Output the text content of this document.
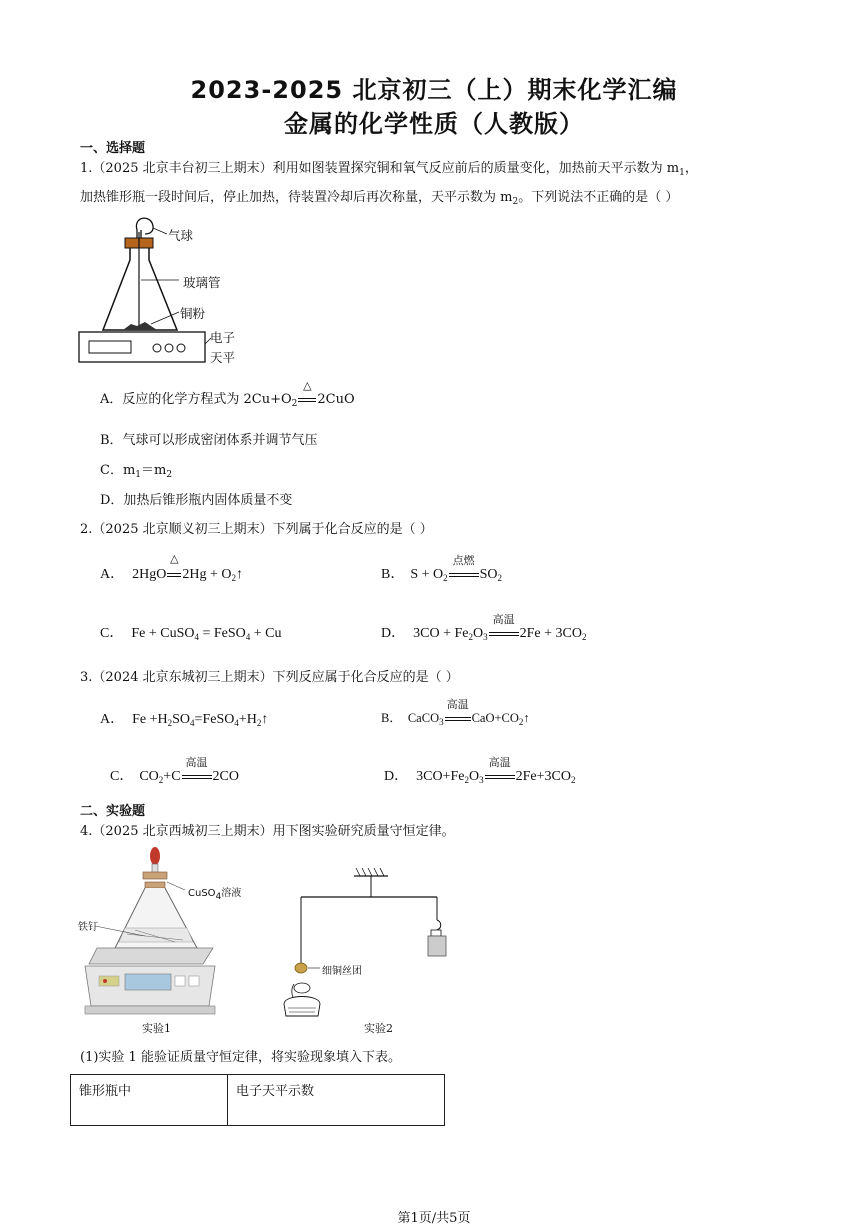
2023-2025 北京初三（上）期末化学汇编
金属的化学性质（人教版）
一、选择题
1.（2025 北京丰台初三上期末）利用如图装置探究铜和氧气反应前后的质量变化，加热前天平示数为 $m_1$，
加热锥形瓶一段时间后，停止加热，待装置冷却后再次称量，天平示数为 $m_2$。下列说法不正确的是（ ）
气球
玻璃管
铜粉
电子
天平
A．反应的化学方程式为 $2Cu+O_2$
△
2CuO
B．气球可以形成密闭体系并调节气压
C．$m_1=m_2$
D．加热后锥形瓶内固体质量不变
2.（2025 北京顺义初三上期末）下列属于化合反应的是（ ）
A． 2HgO
△
$2Hg + O_2↑$	B． $S + O_2$
点燃
$SO_2$
C． Fe + CuSO$_4$ = FeSO$_4$ + Cu	D． $3CO + Fe_2O_3$
高温
$2Fe + 3CO_2$
3.（2024 北京东城初三上期末）下列反应属于化合反应的是（ ）
A． $Fe +H_2SO_4=FeSO_4+H_2↑$	B． CaCO$_3$
高温
$CaO+CO_2↑$
C． $CO_2+C$
高温
2CO	D． $3CO+Fe_2O_3$
高温
$2Fe+3CO_2$
二、实验题
4.（2025 北京西城初三上期末）用下图实验研究质量守恒定律。
CuSO$_4$溶液
铁钉
实验1
细铜丝团
实验2
(1)实验 1 能验证质量守恒定律，将实验现象填入下表。
锥形瓶中	电子天平示数
第1页/共5页
